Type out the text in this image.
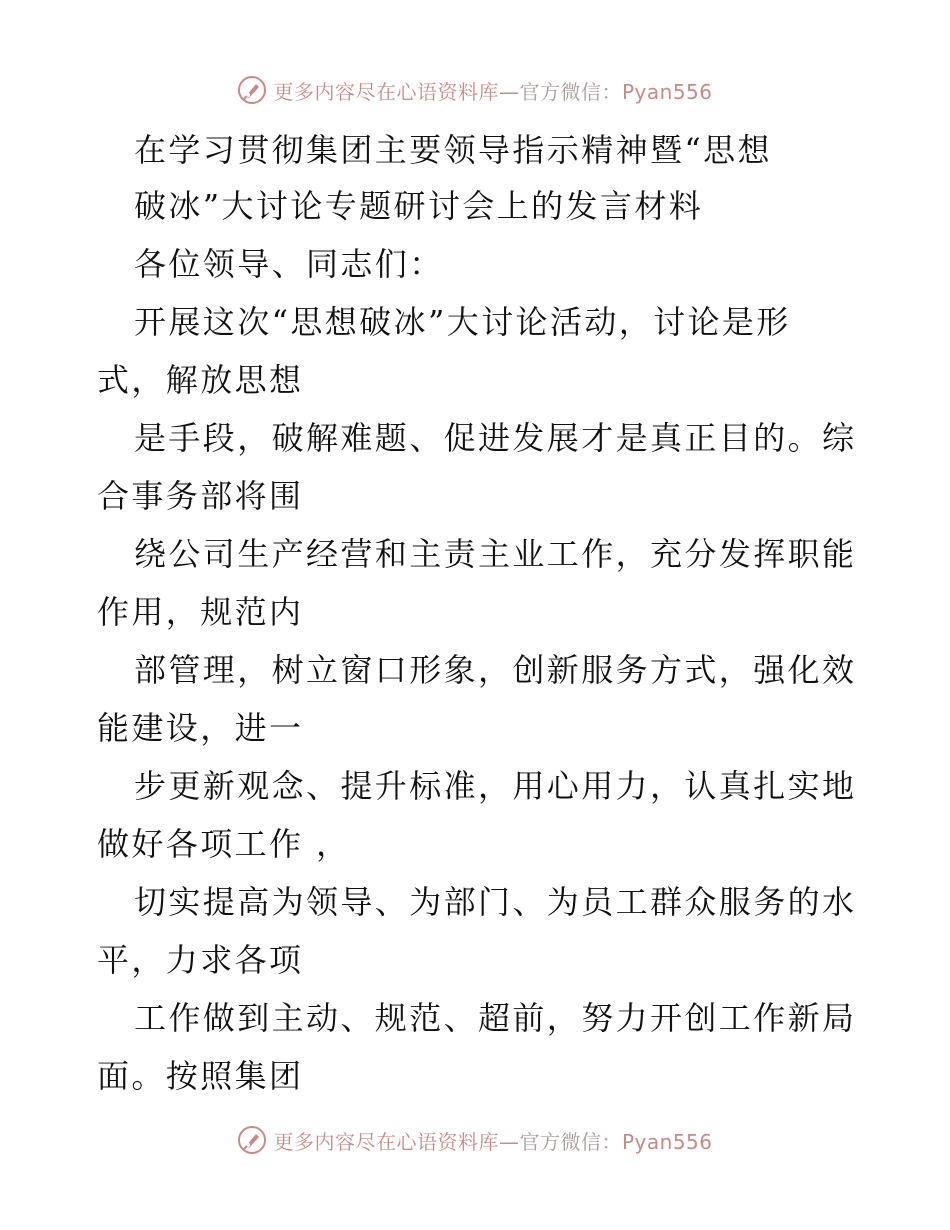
更多内容尽在心语资料库—官方微信：Pyan556
在学习贯彻集团主要领导指示精神暨“思想
破冰”大讨论专题研讨会上的发言材料
各位领导、同志们：
开展这次“思想破冰”大讨论活动，讨论是形
式，解放思想
是手段，破解难题、促进发展才是真正目的。综
合事务部将围
绕公司生产经营和主责主业工作，充分发挥职能
作用，规范内
部管理，树立窗口形象，创新服务方式，强化效
能建设，进一
步更新观念、提升标准，用心用力，认真扎实地
做好各项工作 ，
切实提高为领导、为部门、为员工群众服务的水
平，力求各项
工作做到主动、规范、超前，努力开创工作新局
面。按照集团
更多内容尽在心语资料库—官方微信：Pyan556
